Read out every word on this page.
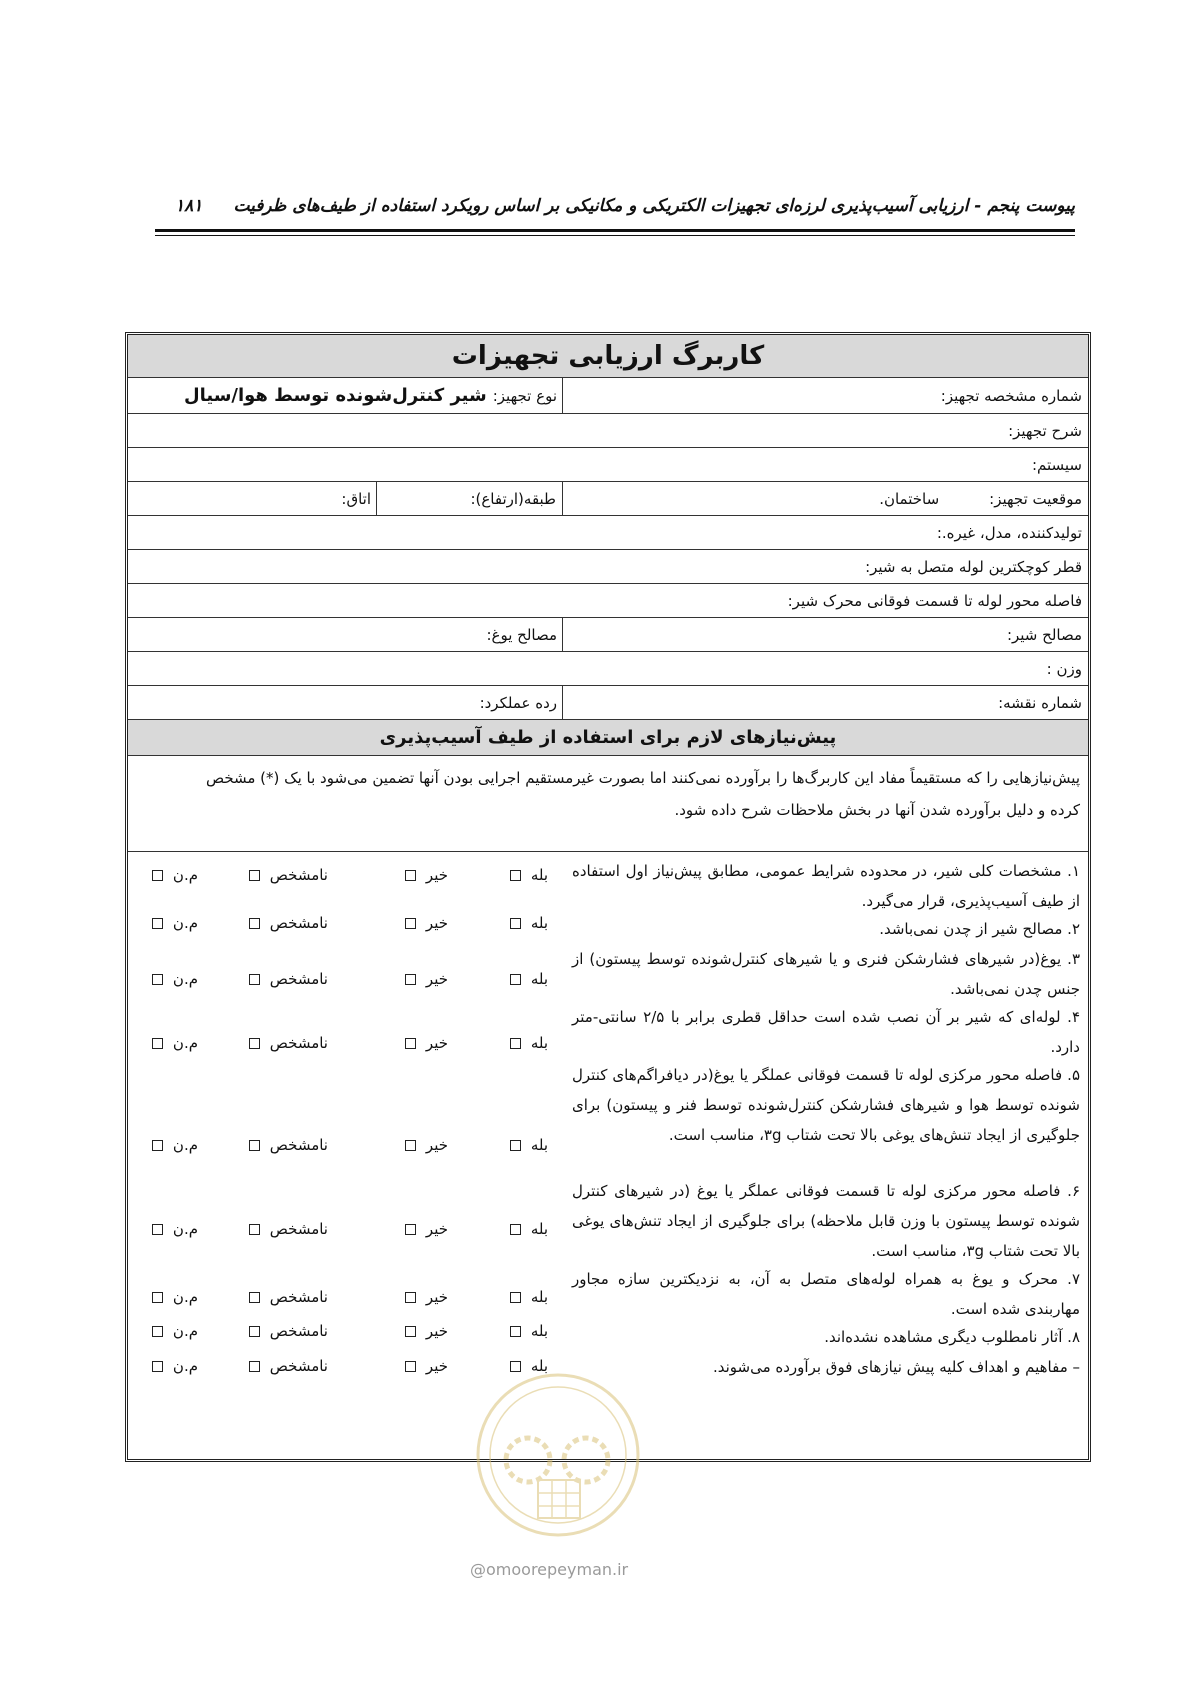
پیوست پنجم - ارزیابی آسیب‌پذیری لرزه‌ای تجهیزات الکتریکی و مکانیکی بر اساس رویکرد استفاده از طیف‌های ظرفیت
۱۸۱
کاربرگ ارزیابی تجهیزات
شماره مشخصه تجهیز:
نوع تجهیز:
شیر کنترل‌شونده توسط هوا/سیال
شرح تجهیز:
سیستم:
موقعیت تجهیز:
ساختمان.
طبقه(ارتفاع):
اتاق:
تولیدکننده، مدل، غیره.:
قطر کوچکترین لوله متصل به شیر:
فاصله محور لوله تا قسمت فوقانی محرک شیر:
مصالح شیر:
مصالح یوغ:
وزن :
شماره نقشه:
رده عملکرد:
پیش‌نیازهای لازم برای استفاده از طیف آسیب‌پذیری
پیش‌نیازهایی را که مستقیماً مفاد این کاربرگ‌ها را برآورده نمی‌کنند اما بصورت غیرمستقیم اجرایی بودن آنها تضمین می‌شود با یک (*) مشخص
کرده و دلیل برآورده شدن آنها در بخش ملاحظات شرح داده شود.
۱. مشخصات کلی شیر، در محدوده شرایط عمومی، مطابق پیش‌نیاز اول استفاده از طیف آسیب‌پذیری، قرار می‌گیرد.
بله
خیر
نامشخص
م.ن
۲. مصالح شیر از چدن نمی‌باشد.
بله
خیر
نامشخص
م.ن
۳. یوغ(در شیرهای فشارشکن فنری و یا شیرهای کنترل‌شونده توسط پیستون) از جنس چدن نمی‌باشد.
بله
خیر
نامشخص
م.ن
۴. لوله‌ای که شیر بر آن نصب شده است حداقل قطری برابر با ۲/۵ سانتی-متر دارد.
بله
خیر
نامشخص
م.ن
۵. فاصله محور مرکزی لوله تا قسمت فوقانی عملگر یا یوغ(در دیافراگم‌های کنترل شونده توسط هوا و شیرهای فشارشکن کنترل‌شونده توسط فنر و پیستون) برای جلوگیری از ایجاد تنش‌های یوغی بالا تحت شتاب ۳g، مناسب است.
بله
خیر
نامشخص
م.ن
۶. فاصله محور مرکزی لوله تا قسمت فوقانی عملگر یا یوغ (در شیرهای کنترل شونده توسط پیستون با وزن قابل ملاحظه) برای جلوگیری از ایجاد تنش‌های یوغی بالا تحت شتاب ۳g، مناسب است.
بله
خیر
نامشخص
م.ن
۷. محرک و یوغ به همراه لوله‌های متصل به آن، به نزدیکترین سازه مجاور مهاربندی شده است.
بله
خیر
نامشخص
م.ن
۸. آثار نامطلوب دیگری مشاهده نشده‌اند.
بله
خیر
نامشخص
م.ن
– مفاهیم و اهداف کلیه پیش نیازهای فوق برآورده می‌شوند.
بله
خیر
نامشخص
م.ن
@omoorepeyman.ir
